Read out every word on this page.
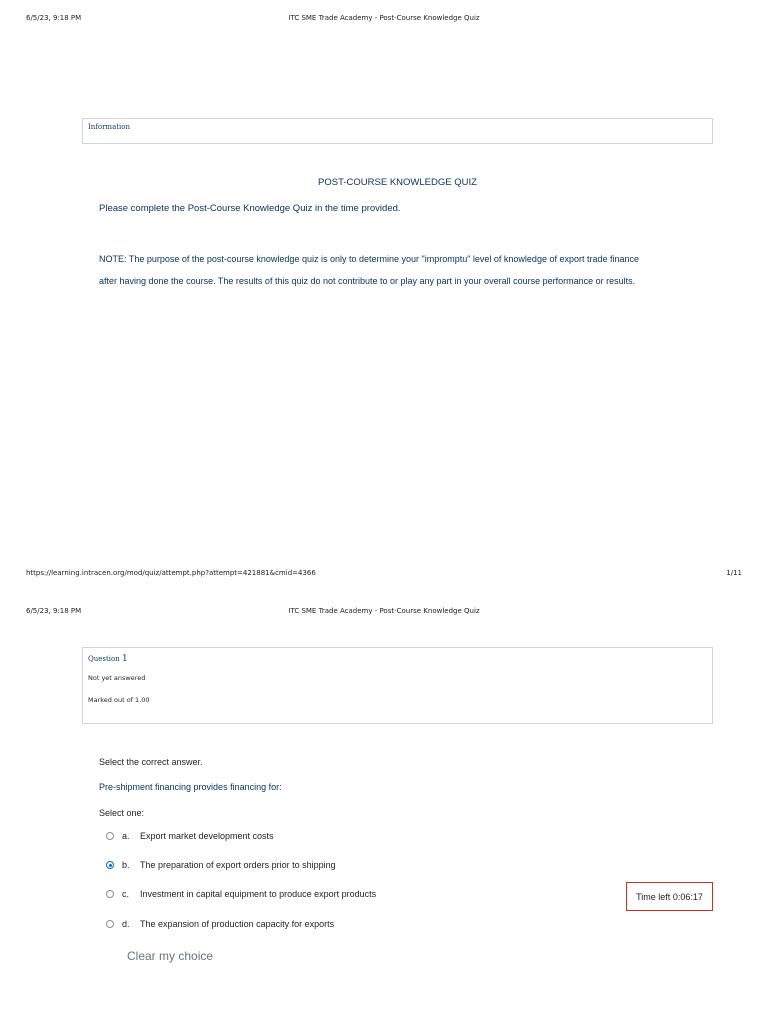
6/5/23, 9:18 PM	ITC SME Trade Academy - Post-Course Knowledge Quiz
Information
POST-COURSE KNOWLEDGE QUIZ
Please complete the Post-Course Knowledge Quiz in the time provided.
NOTE: The purpose of the post-course knowledge quiz is only to determine your "impromptu" level of knowledge of export trade finance
after having done the course. The results of this quiz do not contribute to or play any part in your overall course performance or results.
https://learning.intracen.org/mod/quiz/attempt.php?attempt=421881&cmid=4366	1/11
6/5/23, 9:18 PM	ITC SME Trade Academy - Post-Course Knowledge Quiz
Question 1
Not yet answered
Marked out of 1.00
Select the correct answer.
Pre-shipment financing provides financing for:
Select one:
a.	Export market development costs
b.	The preparation of export orders prior to shipping
c.	Investment in capital equipment to produce export products
d.	The expansion of production capacity for exports
Time left 0:06:17
Clear my choice
